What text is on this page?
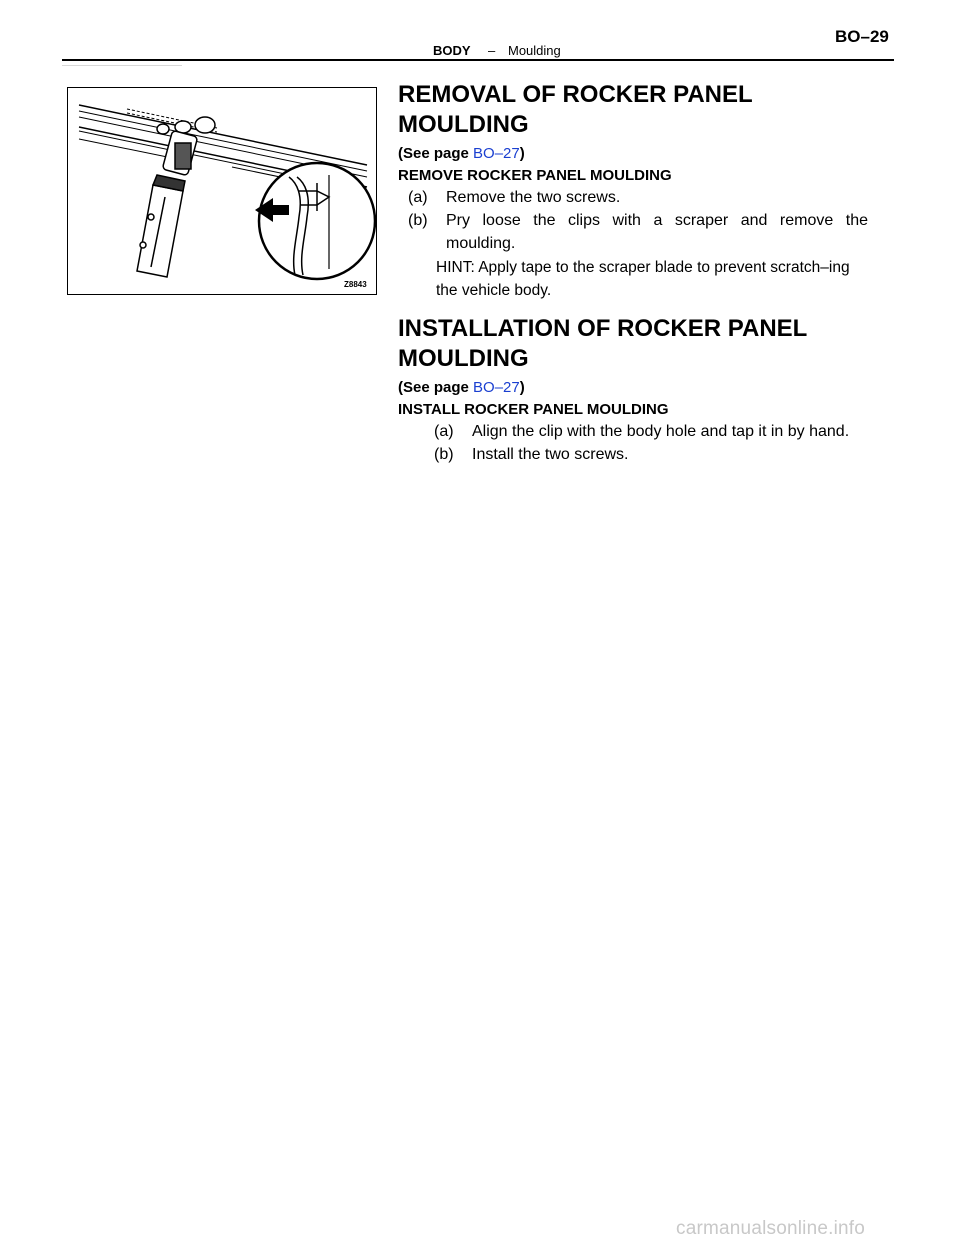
BODY – Moulding
BO–29
Z8843
REMOVAL OF ROCKER PANEL
MOULDING
(See page BO–27)
REMOVE ROCKER PANEL MOULDING
(a)	Remove the two screws.
(b)	Pry loose the clips with a scraper and remove the moulding.
HINT: Apply tape to the scraper blade to prevent scratch–ing the vehicle body.
INSTALLATION OF ROCKER PANEL
MOULDING
(See page BO–27)
INSTALL ROCKER PANEL MOULDING
(a)	Align the clip with the body hole and tap it in by hand.
(b)	Install the two screws.
carmanualsonline.info
